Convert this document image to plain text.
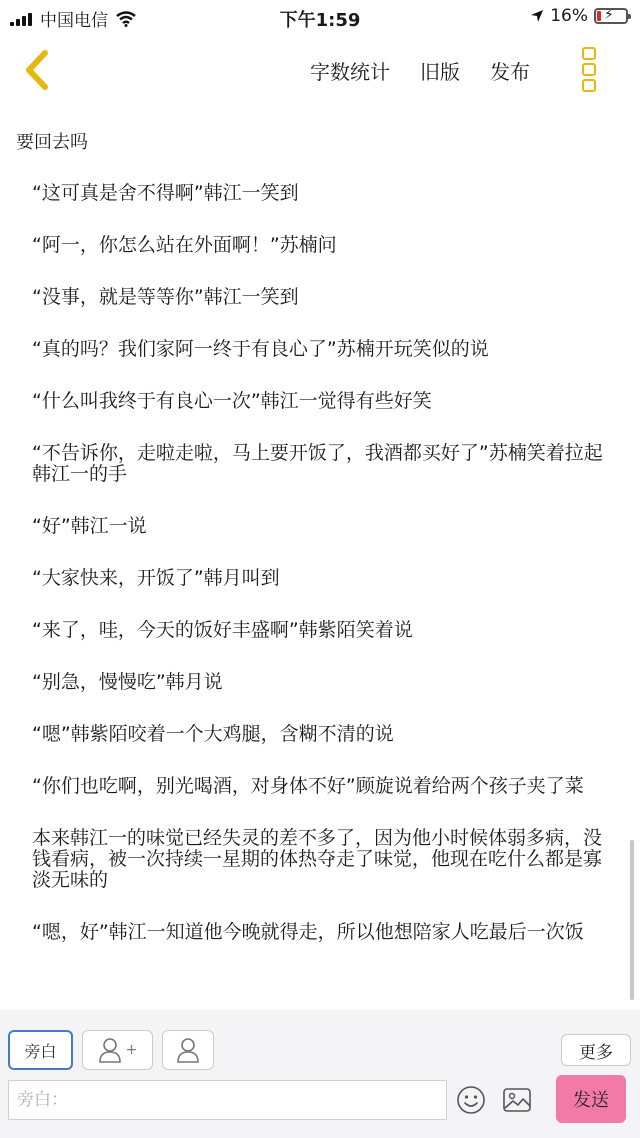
中国电信	下午1:59	16% ⚡
字数统计 旧版 发布
要回去吗
“这可真是舍不得啊”韩江一笑到
“阿一，你怎么站在外面啊！”苏楠问
“没事，就是等等你”韩江一笑到
“真的吗？我们家阿一终于有良心了”苏楠开玩笑似的说
“什么叫我终于有良心一次”韩江一觉得有些好笑
“不告诉你，走啦走啦，马上要开饭了，我酒都买好了”苏楠笑着拉起韩江一的手
“好”韩江一说
“大家快来，开饭了”韩月叫到
“来了，哇，今天的饭好丰盛啊”韩紫陌笑着说
“别急，慢慢吃”韩月说
“嗯”韩紫陌咬着一个大鸡腿，含糊不清的说
“你们也吃啊，别光喝酒，对身体不好”顾旋说着给两个孩子夹了菜
本来韩江一的味觉已经失灵的差不多了，因为他小时候体弱多病，没钱看病，被一次持续一星期的体热夺走了味觉，他现在吃什么都是寡淡无味的
“嗯，好”韩江一知道他今晚就得走，所以他想陪家人吃最后一次饭
旁白	+	更多
旁白：	发送
